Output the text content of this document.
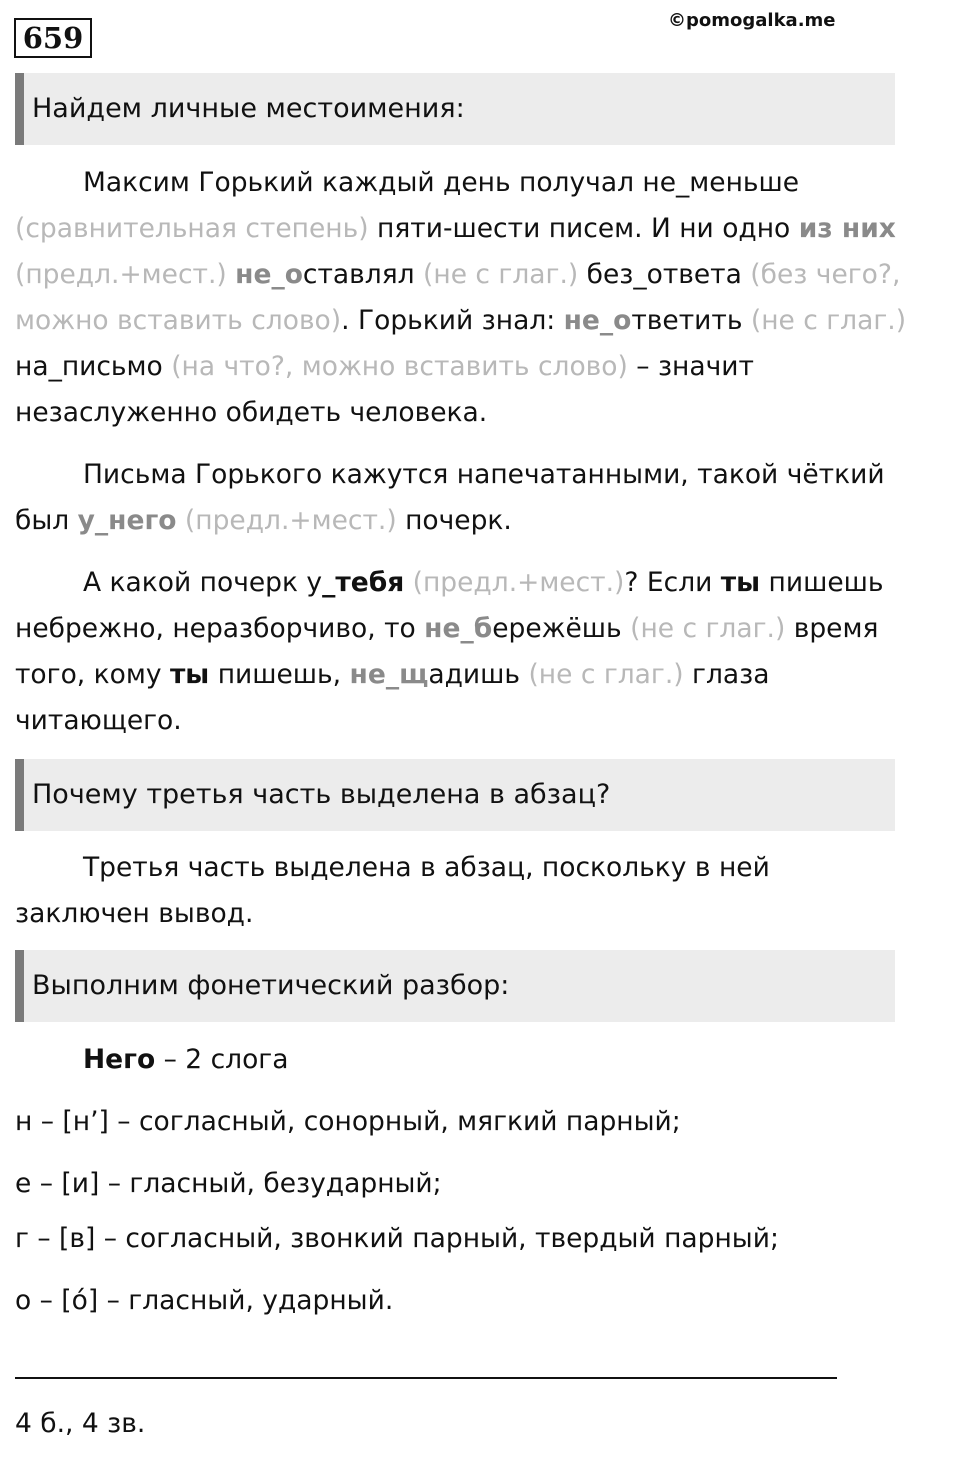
659
©pomogalka.me
Найдем личные местоимения:
Максим Горький каждый день получал не_меньше (сравнительная степень) пяти-шести писем. И ни одно из них (предл.+мест.) не_оставлял (не с глаг.) без_ответа (без чего?, можно вставить слово). Горький знал: не_ответить (не с глаг.) на_письмо (на что?, можно вставить слово) – значит незаслуженно обидеть человека.
Письма Горького кажутся напечатанными, такой чёткий был у_него (предл.+мест.) почерк.
А какой почерк у_тебя (предл.+мест.)? Если ты пишешь небрежно, неразборчиво, то не_бережёшь (не с глаг.) время того, кому ты пишешь, не_щадишь (не с глаг.) глаза читающего.
Почему третья часть выделена в абзац?
Третья часть выделена в абзац, поскольку в ней заключен вывод.
Выполним фонетический разбор:
Него – 2 слога
н – [н’] – согласный, сонорный, мягкий парный;
е – [и] – гласный, безударный;
г – [в] – согласный, звонкий парный, твердый парный;
о – [ó] – гласный, ударный.
4 б., 4 зв.
